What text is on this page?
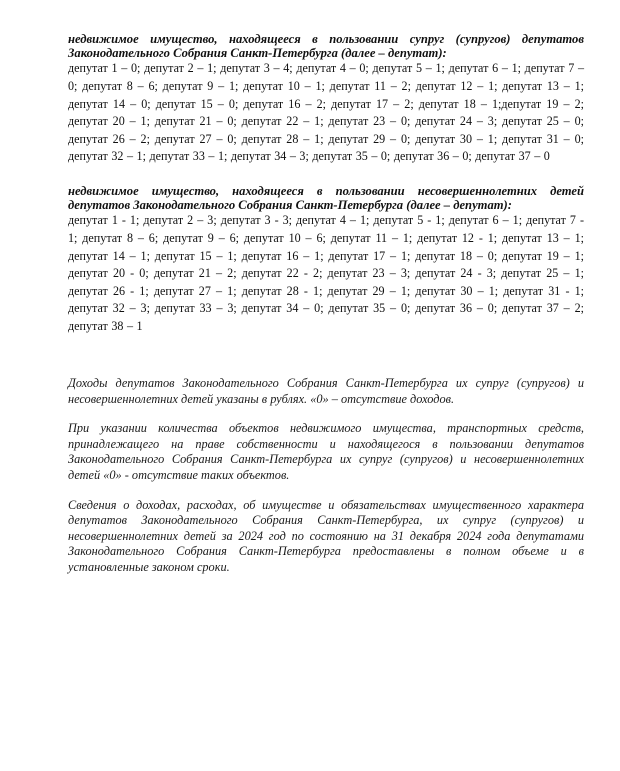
недвижимое имущество, находящееся в пользовании супруг (супругов) депутатов Законодательного Собрания Санкт-Петербурга (далее – депутат):

депутат 1 – 0; депутат 2 – 1; депутат 3 – 4; депутат 4 – 0; депутат 5 – 1; депутат 6 – 1; депутат 7 – 0; депутат 8 – 6; депутат 9 – 1; депутат 10 – 1; депутат 11 – 2; депутат 12 – 1; депутат 13 – 1; депутат 14 – 0; депутат 15 – 0; депутат 16 – 2; депутат 17 – 2; депутат 18 – 1;депутат 19 – 2; депутат 20 – 1; депутат 21 – 0; депутат 22 – 1; депутат 23 – 0; депутат 24 – 3; депутат 25 – 0; депутат 26 – 2; депутат 27 – 0; депутат 28 – 1; депутат 29 – 0; депутат 30 – 1; депутат 31 – 0; депутат 32 – 1; депутат 33 – 1; депутат 34 – 3; депутат 35 – 0; депутат 36 – 0; депутат 37 – 0

недвижимое имущество, находящееся в пользовании несовершеннолетних детей депутатов Законодательного Собрания Санкт-Петербурга (далее – депутат):

депутат 1 - 1; депутат 2 – 3; депутат 3 - 3; депутат 4 – 1; депутат 5 - 1; депутат 6 – 1; депутат 7 - 1; депутат 8 – 6; депутат 9 – 6; депутат 10 – 6; депутат 11 – 1; депутат 12 - 1; депутат 13 – 1; депутат 14 – 1; депутат 15 – 1; депутат 16 – 1; депутат 17 – 1; депутат 18 – 0; депутат 19 – 1; депутат 20 - 0; депутат 21 – 2; депутат 22 - 2; депутат 23 – 3; депутат 24 - 3; депутат 25 – 1; депутат 26 - 1; депутат 27 – 1; депутат 28 - 1; депутат 29 – 1; депутат 30 – 1; депутат 31 - 1; депутат 32 – 3; депутат 33 – 3; депутат 34 – 0; депутат 35 – 0; депутат 36 – 0; депутат 37 – 2; депутат 38 – 1

Доходы депутатов Законодательного Собрания Санкт-Петербурга их супруг (супругов) и несовершеннолетних детей указаны в рублях. «0» – отсутствие доходов.

При указании количества объектов недвижимого имущества, транспортных средств, принадлежащего на праве собственности и находящегося в пользовании депутатов Законодательного Собрания Санкт-Петербурга их супруг (супругов) и несовершеннолетних детей «0» - отсутствие таких объектов.

Сведения о доходах, расходах, об имуществе и обязательствах имущественного характера депутатов Законодательного Собрания Санкт-Петербурга, их супруг (супругов) и несовершеннолетних детей за 2024 год по состоянию на 31 декабря 2024 года депутатами Законодательного Собрания Санкт-Петербурга предоставлены в полном объеме и в установленные законом сроки.
